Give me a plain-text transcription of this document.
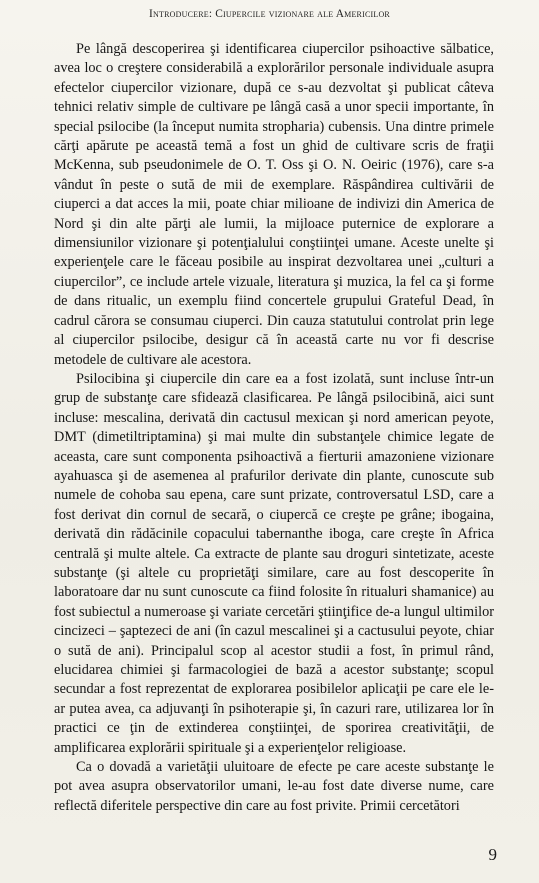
Introducere: Ciupercile vizionare ale Americilor

Pe lângă descoperirea şi identificarea ciupercilor psihoactive sălbatice, avea loc o creştere considerabilă a explorărilor personale individuale asupra efectelor ciupercilor vizionare, după ce s-au dezvoltat şi publicat câteva tehnici relativ simple de cultivare pe lângă casă a unor specii importante, în special psilocibe (la început numita stropharia) cubensis. Una dintre primele cărţi apărute pe această temă a fost un ghid de cultivare scris de fraţii McKenna, sub pseudonimele de O. T. Oss şi O. N. Oeiric (1976), care s-a vândut în peste o sută de mii de exemplare. Răspândirea cultivării de ciuperci a dat acces la mii, poate chiar milioane de indivizi din America de Nord şi din alte părţi ale lumii, la mijloace puternice de explorare a dimensiunilor vizionare şi potenţialului conştiinţei umane. Aceste unelte şi experienţele care le făceau posibile au inspirat dezvoltarea unei „culturi a ciupercilor”, ce include artele vizuale, literatura şi muzica, la fel ca şi forme de dans ritualic, un exemplu fiind concertele grupului Grateful Dead, în cadrul cărora se consumau ciuperci. Din cauza statutului controlat prin lege al ciupercilor psilocibe, desigur că în această carte nu vor fi descrise metodele de cultivare ale acestora.

Psilocibina şi ciupercile din care ea a fost izolată, sunt incluse într-un grup de substanţe care sfidează clasificarea. Pe lângă psilocibină, aici sunt incluse: mescalina, derivată din cactusul mexican şi nord american peyote, DMT (dimetiltriptamina) şi mai multe din substanţele chimice legate de aceasta, care sunt componenta psihoactivă a fierturii amazoniene vizionare ayahuasca şi de asemenea al prafurilor derivate din plante, cunoscute sub numele de cohoba sau epena, care sunt prizate, controversatul LSD, care a fost derivat din cornul de secară, o ciupercă ce creşte pe grâne; ibogaina, derivată din rădăcinile copacului tabernanthe iboga, care creşte în Africa centrală şi multe altele. Ca extracte de plante sau droguri sintetizate, aceste substanţe (şi altele cu proprietăţi similare, care au fost descoperite în laboratoare dar nu sunt cunoscute ca fiind folosite în ritualuri shamanice) au fost subiectul a numeroase şi variate cercetări ştiinţifice de-a lungul ultimilor cincizeci – şaptezeci de ani (în cazul mescalinei şi a cactusului peyote, chiar o sută de ani). Principalul scop al acestor studii a fost, în primul rând, elucidarea chimiei şi farmacologiei de bază a acestor substanţe; scopul secundar a fost reprezentat de explorarea posibilelor aplicaţii pe care ele le-ar putea avea, ca adjuvanţi în psihoterapie şi, în cazuri rare, utilizarea lor în practici ce ţin de extinderea conştiinţei, de sporirea creativităţii, de amplificarea explorării spirituale şi a experienţelor religioase.

Ca o dovadă a varietăţii uluitoare de efecte pe care aceste substanţe le pot avea asupra observatorilor umani, le-au fost date diverse nume, care reflectă diferitele perspective din care au fost privite. Primii cercetători

9
